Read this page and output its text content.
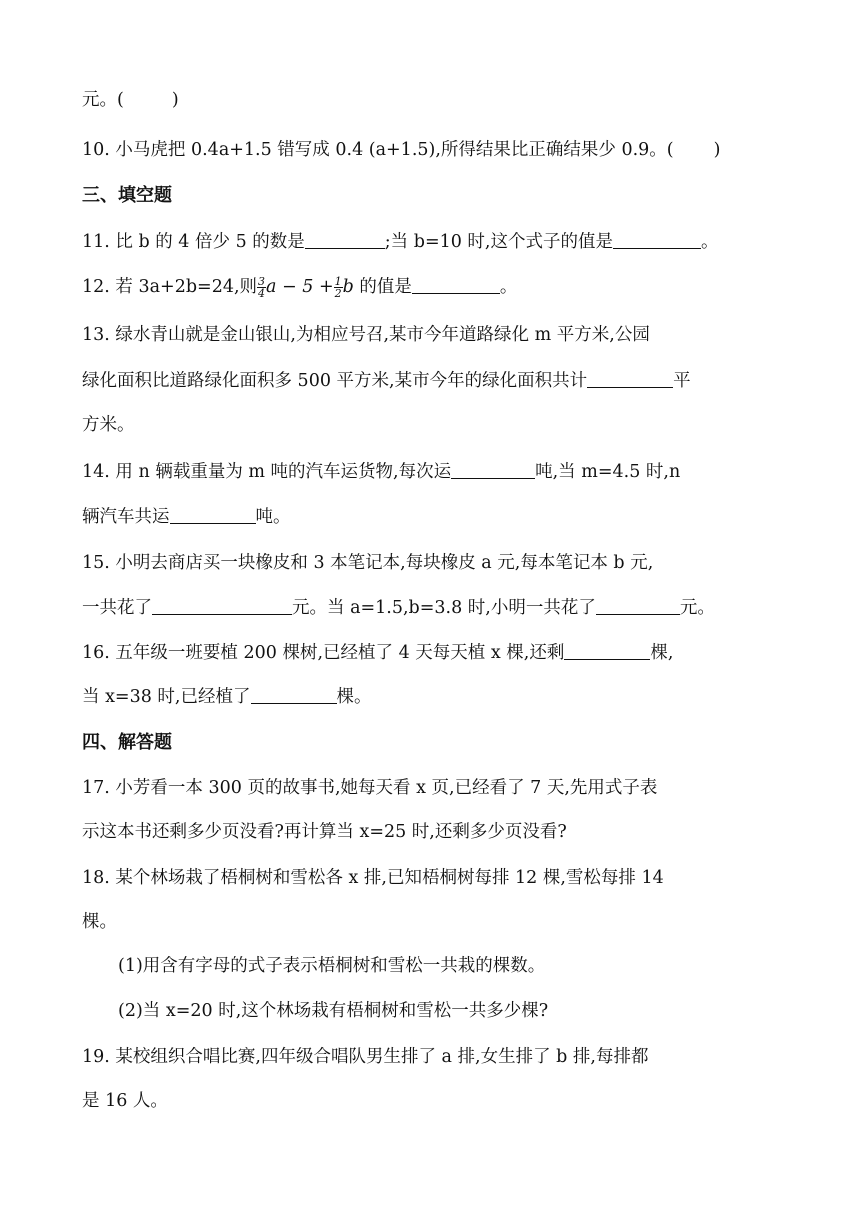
元。(	)
10. 小马虎把 0.4a+1.5 错写成 0.4 (a+1.5),所得结果比正确结果少 0.9。( )
三、填空题
11. 比 b 的 4 倍少 5 的数是	;当 b=10 时,这个式子的值是	。
12. 若 3a+2b=24,则 $\frac{3}{4}$ $a - 5 + \frac{1}{2}$ b 的值是	。
13. 绿水青山就是金山银山,为相应号召,某市今年道路绿化 m 平方米,公园
绿化面积比道路绿化面积多 500 平方米,某市今年的绿化面积共计	平
方米。
14. 用 n 辆载重量为 m 吨的汽车运货物,每次运	吨,当 m=4.5 时,n
辆汽车共运	吨。
15. 小明去商店买一块橡皮和 3 本笔记本,每块橡皮 a 元,每本笔记本 b 元,
一共花了	元。当 a=1.5,b=3.8 时,小明一共花了	元。
16. 五年级一班要植 200 棵树,已经植了 4 天每天植 x 棵,还剩	棵,
当 x=38 时,已经植了	棵。
四、解答题
17. 小芳看一本 300 页的故事书,她每天看 x 页,已经看了 7 天,先用式子表
示这本书还剩多少页没看?再计算当 x=25 时,还剩多少页没看?
18. 某个林场栽了梧桐树和雪松各 x 排,已知梧桐树每排 12 棵,雪松每排 14
棵。
(1)用含有字母的式子表示梧桐树和雪松一共栽的棵数。
(2)当 x=20 时,这个林场栽有梧桐树和雪松一共多少棵?
19. 某校组织合唱比赛,四年级合唱队男生排了 a 排,女生排了 b 排,每排都
是 16 人。
